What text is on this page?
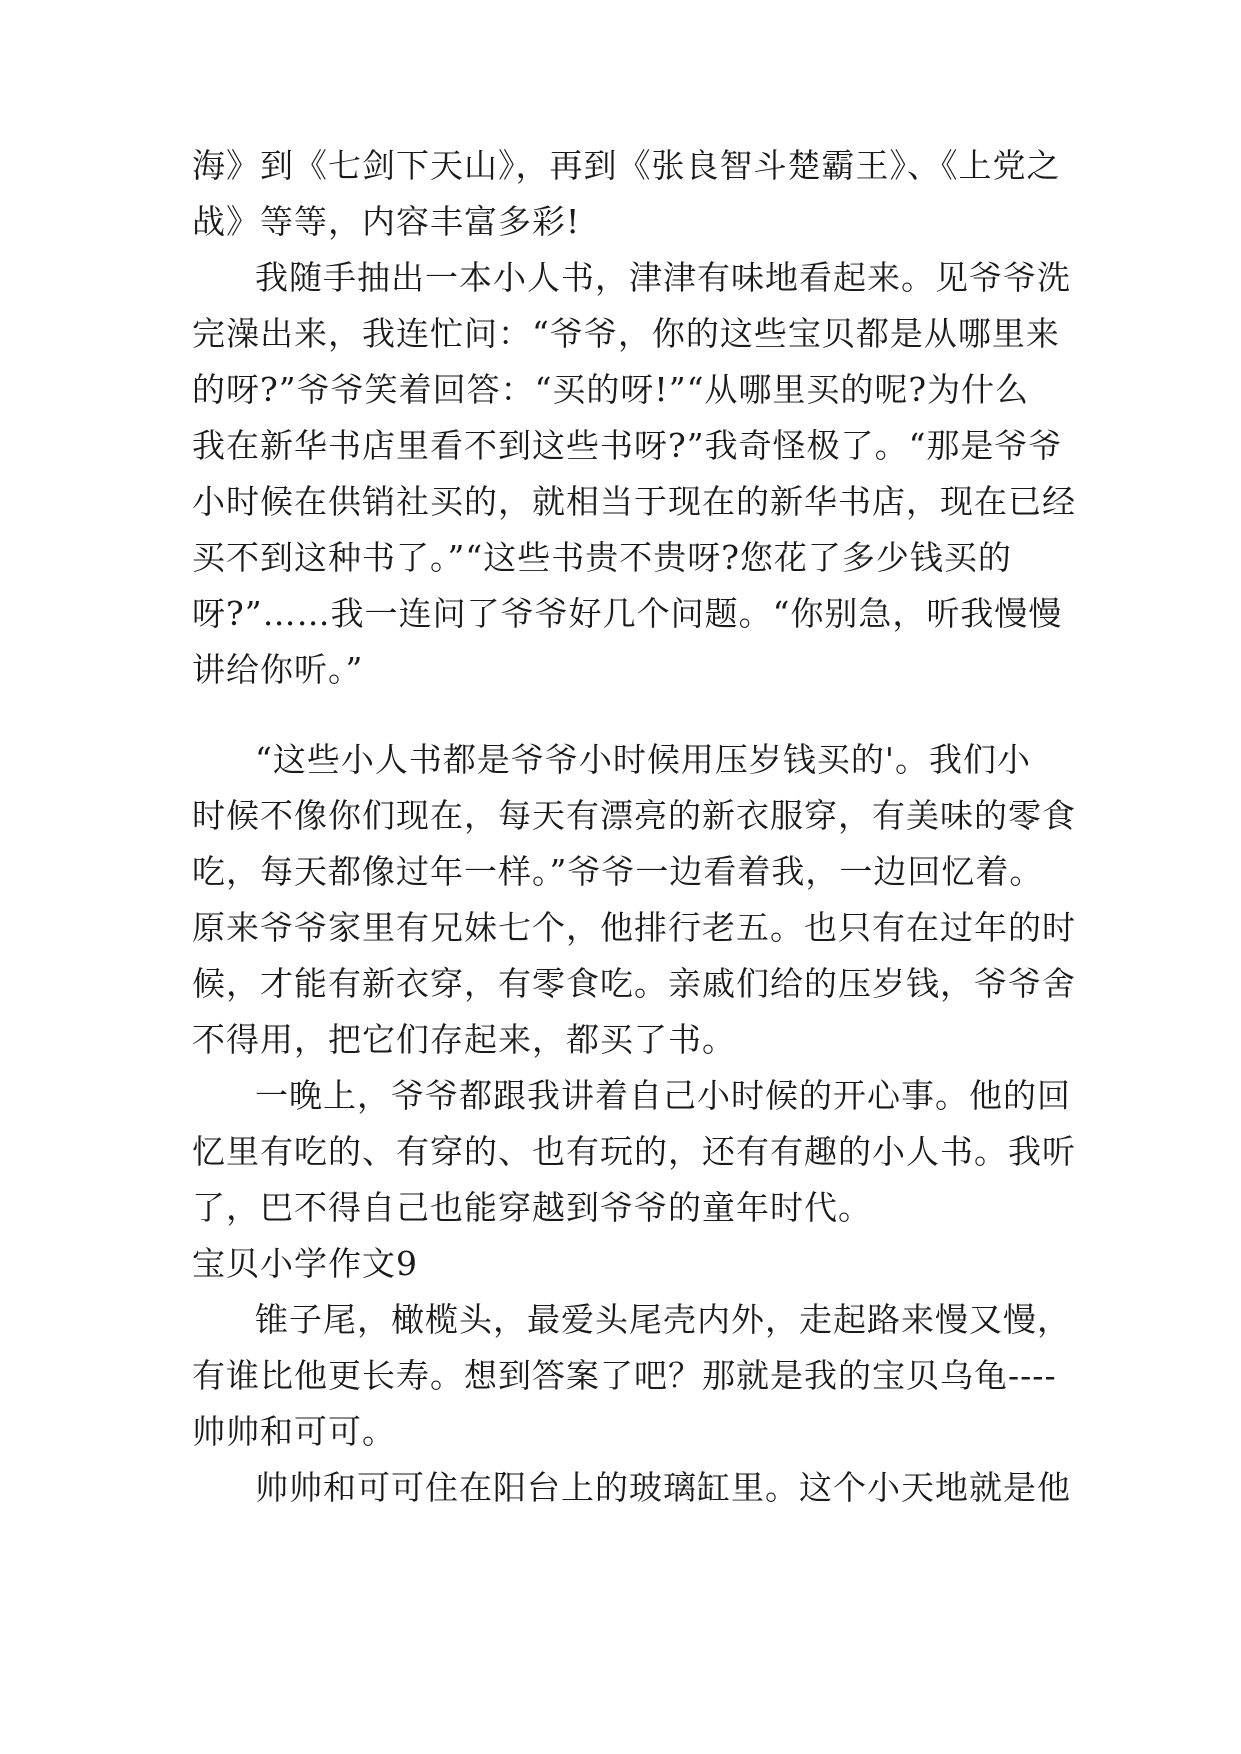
海》到《七剑下天山》，再到《张良智斗楚霸王》、《上党之
战》等等，内容丰富多彩!
我随手抽出一本小人书，津津有味地看起来。见爷爷洗
完澡出来，我连忙问：“爷爷，你的这些宝贝都是从哪里来
的呀?”爷爷笑着回答：“买的呀!”“从哪里买的呢?为什么
我在新华书店里看不到这些书呀?”我奇怪极了。“那是爷爷
小时候在供销社买的，就相当于现在的新华书店，现在已经
买不到这种书了。”“这些书贵不贵呀?您花了多少钱买的
呀?”……我一连问了爷爷好几个问题。“你别急，听我慢慢
讲给你听。”
“这些小人书都是爷爷小时候用压岁钱买的'。我们小
时候不像你们现在，每天有漂亮的新衣服穿，有美味的零食
吃，每天都像过年一样。”爷爷一边看着我，一边回忆着。
原来爷爷家里有兄妹七个，他排行老五。也只有在过年的时
候，才能有新衣穿，有零食吃。亲戚们给的压岁钱，爷爷舍
不得用，把它们存起来，都买了书。
一晚上，爷爷都跟我讲着自己小时候的开心事。他的回
忆里有吃的、有穿的、也有玩的，还有有趣的小人书。我听
了，巴不得自己也能穿越到爷爷的童年时代。
宝贝小学作文9
锥子尾，橄榄头，最爱头尾壳内外，走起路来慢又慢，
有谁比他更长寿。想到答案了吧？那就是我的宝贝乌龟----
帅帅和可可。
帅帅和可可住在阳台上的玻璃缸里。这个小天地就是他
